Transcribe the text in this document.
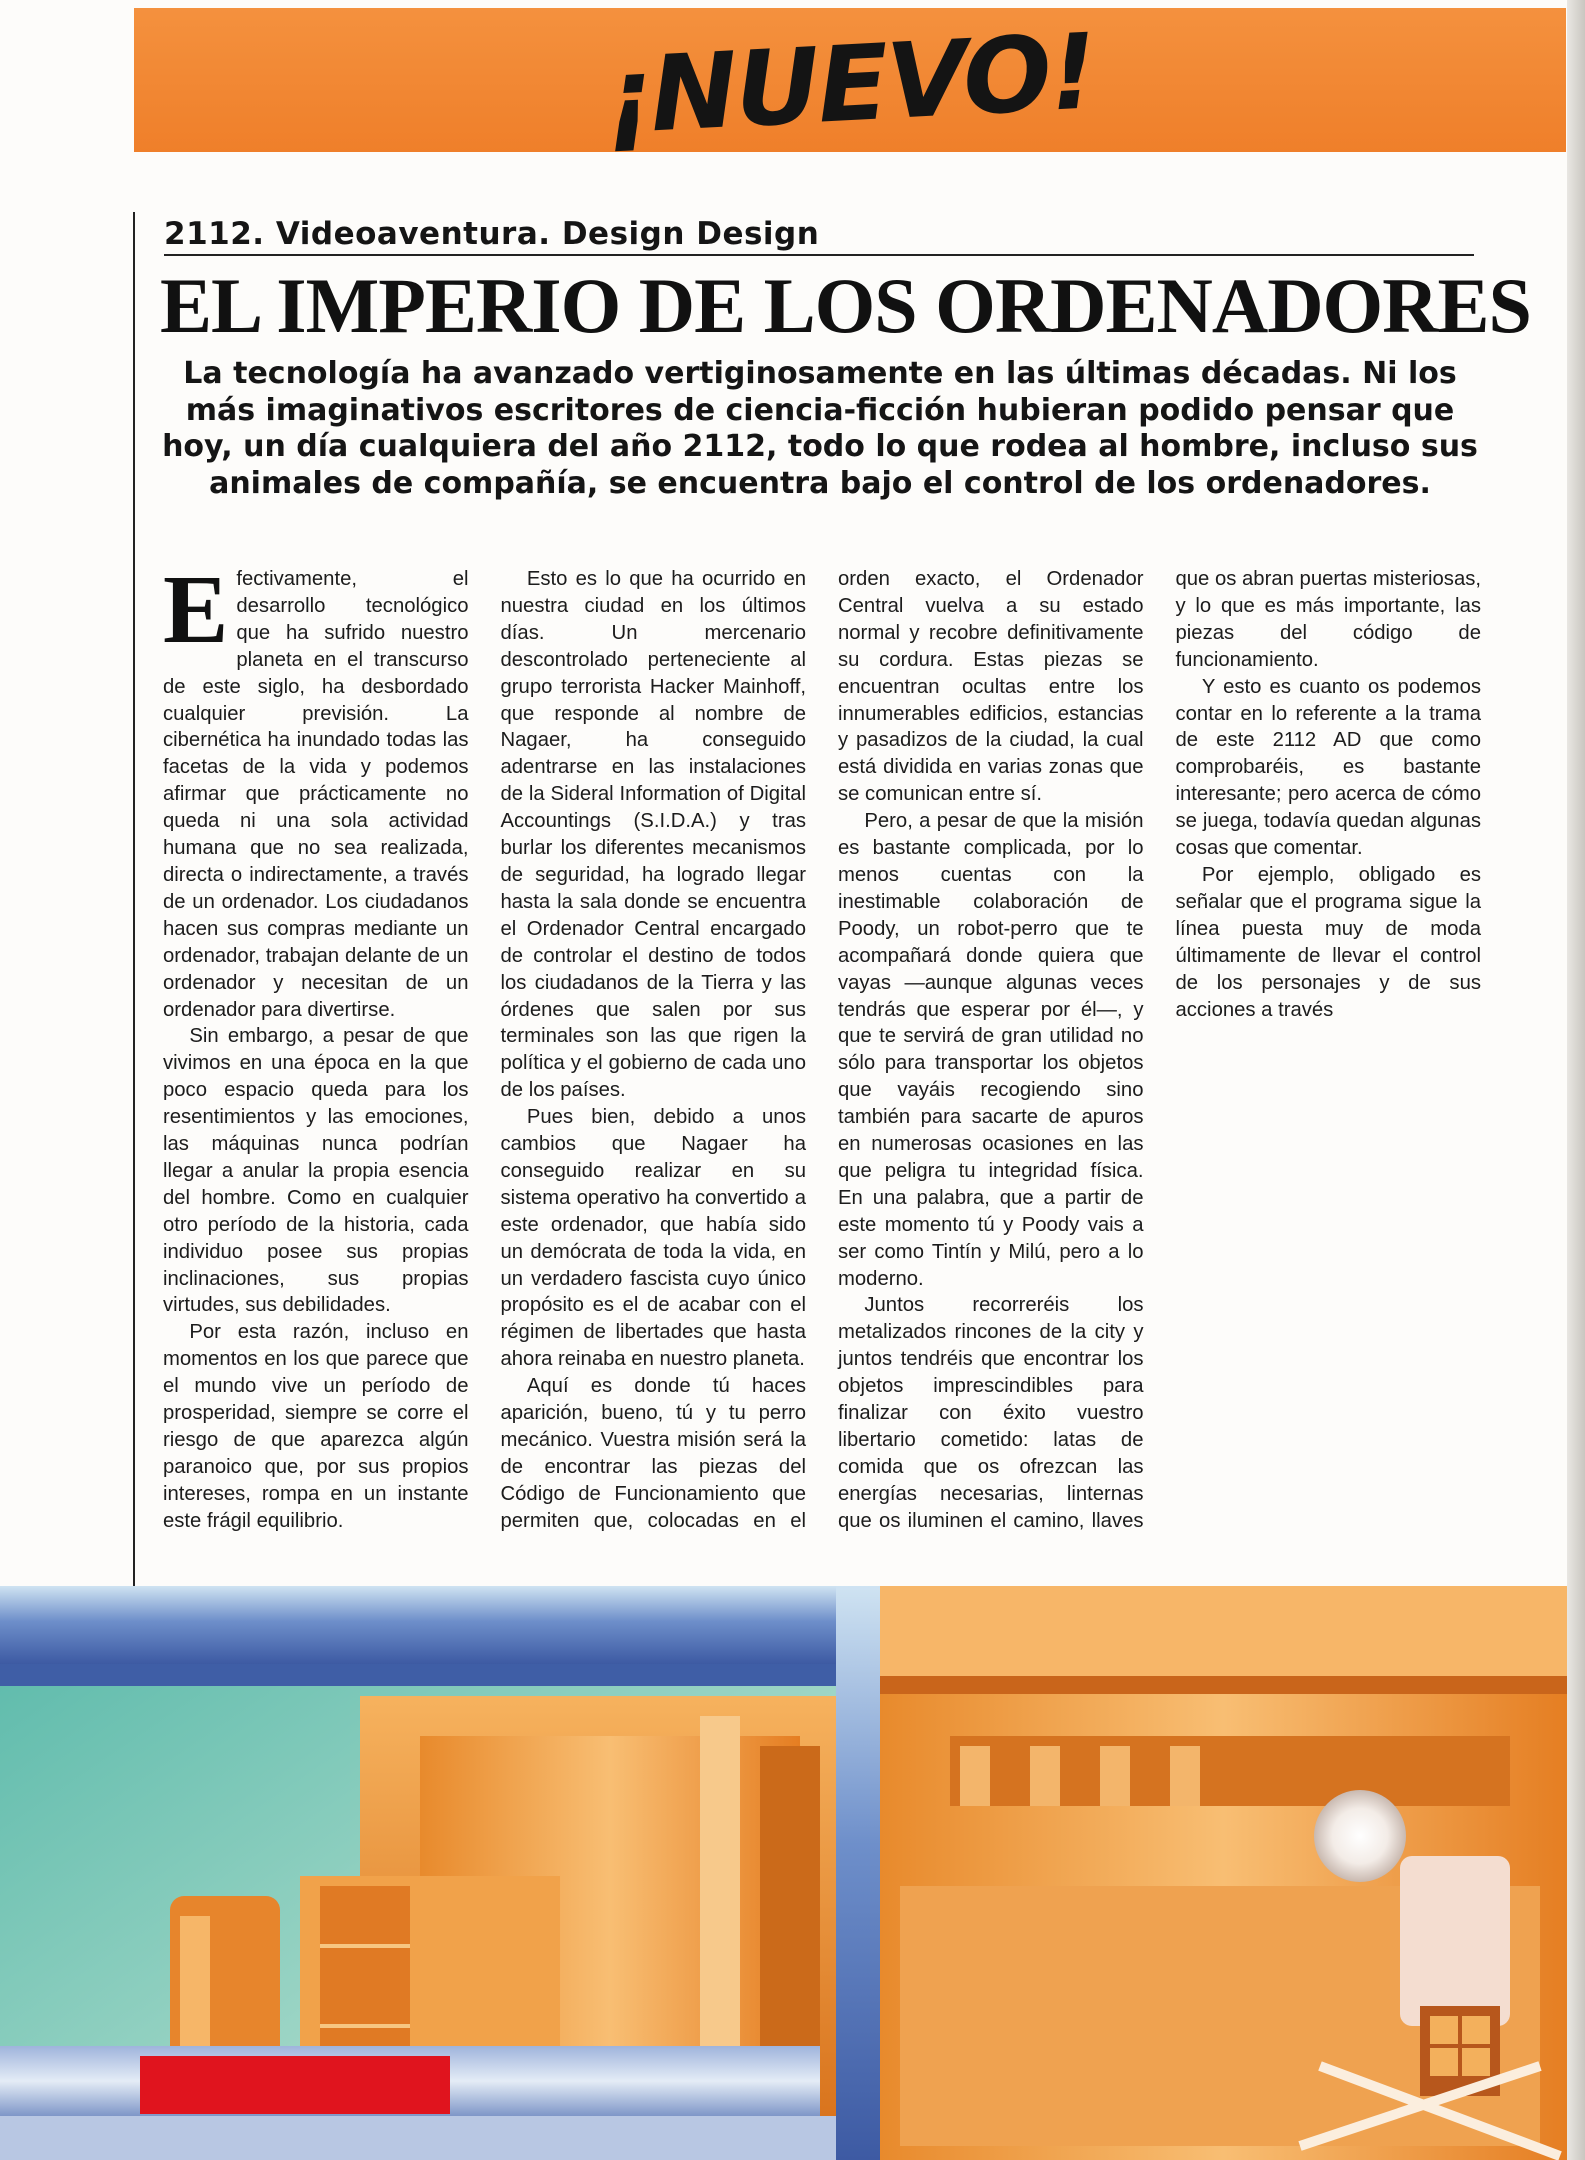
¡NUEVO!
2112. Videoaventura. Design Design
EL IMPERIO DE LOS ORDENADORES
La tecnología ha avanzado vertiginosamente en las últimas décadas. Ni los más imaginativos escritores de ciencia-ficción hubieran podido pensar que hoy, un día cualquiera del año 2112, todo lo que rodea al hombre, incluso sus animales de compañía, se encuentra bajo el control de los ordenadores.

Efectivamente, el desarrollo tecnológico que ha sufrido nuestro planeta en el transcurso de este siglo, ha desbordado cualquier previsión. La cibernética ha inundado todas las facetas de la vida y podemos afirmar que prácticamente no queda ni una sola actividad humana que no sea realizada, directa o indirectamente, a través de un ordenador. Los ciudadanos hacen sus compras mediante un ordenador, trabajan delante de un ordenador y necesitan de un ordenador para divertirse.

Sin embargo, a pesar de que vivimos en una época en la que poco espacio queda para los resentimientos y las emociones, las máquinas nunca podrían llegar a anular la propia esencia del hombre. Como en cualquier otro período de la historia, cada individuo posee sus propias inclinaciones, sus propias virtudes, sus debilidades.

Por esta razón, incluso en momentos en los que parece que el mundo vive un período de prosperidad, siempre se corre el riesgo de que aparezca algún paranoico que, por sus propios intereses, rompa en un instante este frágil equilibrio.

Esto es lo que ha ocurrido en nuestra ciudad en los últimos días. Un mercenario descontrolado perteneciente al grupo terrorista Hacker Mainhoff, que responde al nombre de Nagaer, ha conseguido adentrarse en las instalaciones de la Sideral Information of Digital Accountings (S.I.D.A.) y tras burlar los diferentes mecanismos de seguridad, ha logrado llegar hasta la sala donde se encuentra el Ordenador Central encargado de controlar el destino de todos los ciudadanos de la Tierra y las órdenes que salen por sus terminales son las que rigen la política y el gobierno de cada uno de los países.

Pues bien, debido a unos cambios que Nagaer ha conseguido realizar en su sistema operativo ha convertido a este ordenador, que había sido un demócrata de toda la vida, en un verdadero fascista cuyo único propósito es el de acabar con el régimen de libertades que hasta ahora reinaba en nuestro planeta.

Aquí es donde tú haces aparición, bueno, tú y tu perro mecánico. Vuestra misión será la de encontrar las piezas del Código de Funcionamiento que permiten que, colocadas en el orden exacto, el Ordenador Central vuelva a su estado normal y recobre definitivamente su cordura. Estas piezas se encuentran ocultas entre los innumerables edificios, estancias y pasadizos de la ciudad, la cual está dividida en varias zonas que se comunican entre sí.

Pero, a pesar de que la misión es bastante complicada, por lo menos cuentas con la inestimable colaboración de Poody, un robot-perro que te acompañará donde quiera que vayas —aunque algunas veces tendrás que esperar por él—, y que te servirá de gran utilidad no sólo para transportar los objetos que vayáis recogiendo sino también para sacarte de apuros en numerosas ocasiones en las que peligra tu integridad física. En una palabra, que a partir de este momento tú y Poody vais a ser como Tintín y Milú, pero a lo moderno.

Juntos recorreréis los metalizados rincones de la city y juntos tendréis que encontrar los objetos imprescindibles para finalizar con éxito vuestro libertario cometido: latas de comida que os ofrezcan las energías necesarias, linternas que os iluminen el camino, llaves que os abran puertas misteriosas, y lo que es más importante, las piezas del código de funcionamiento.

Y esto es cuanto os podemos contar en lo referente a la trama de este 2112 AD que como comprobaréis, es bastante interesante; pero acerca de cómo se juega, todavía quedan algunas cosas que comentar.

Por ejemplo, obligado es señalar que el programa sigue la línea puesta muy de moda últimamente de llevar el control de los personajes y de sus acciones a través
